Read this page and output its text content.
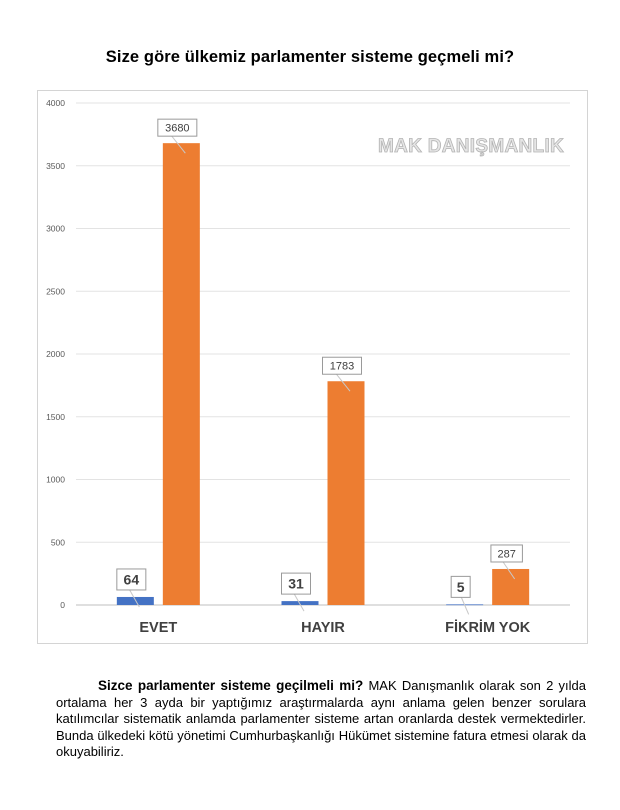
Size göre ülkemiz parlamenter sisteme geçmeli mi?
0
500
1000
1500
2000
2500
3000
3500
4000
64
3680
EVET
31
1783
HAYIR
5
287
FİKRİM YOK
MAK DANIŞMANLIK
Sizce parlamenter sisteme geçilmeli mi? MAK Danışmanlık olarak son 2 yılda ortalama her 3 ayda bir yaptığımız araştırmalarda aynı anlama gelen benzer sorulara katılımcılar sistematik anlamda parlamenter sisteme artan oranlarda destek vermektedirler. Bunda ülkedeki kötü yönetimi Cumhurbaşkanlığı Hükümet sistemine fatura etmesi olarak da okuyabiliriz.
